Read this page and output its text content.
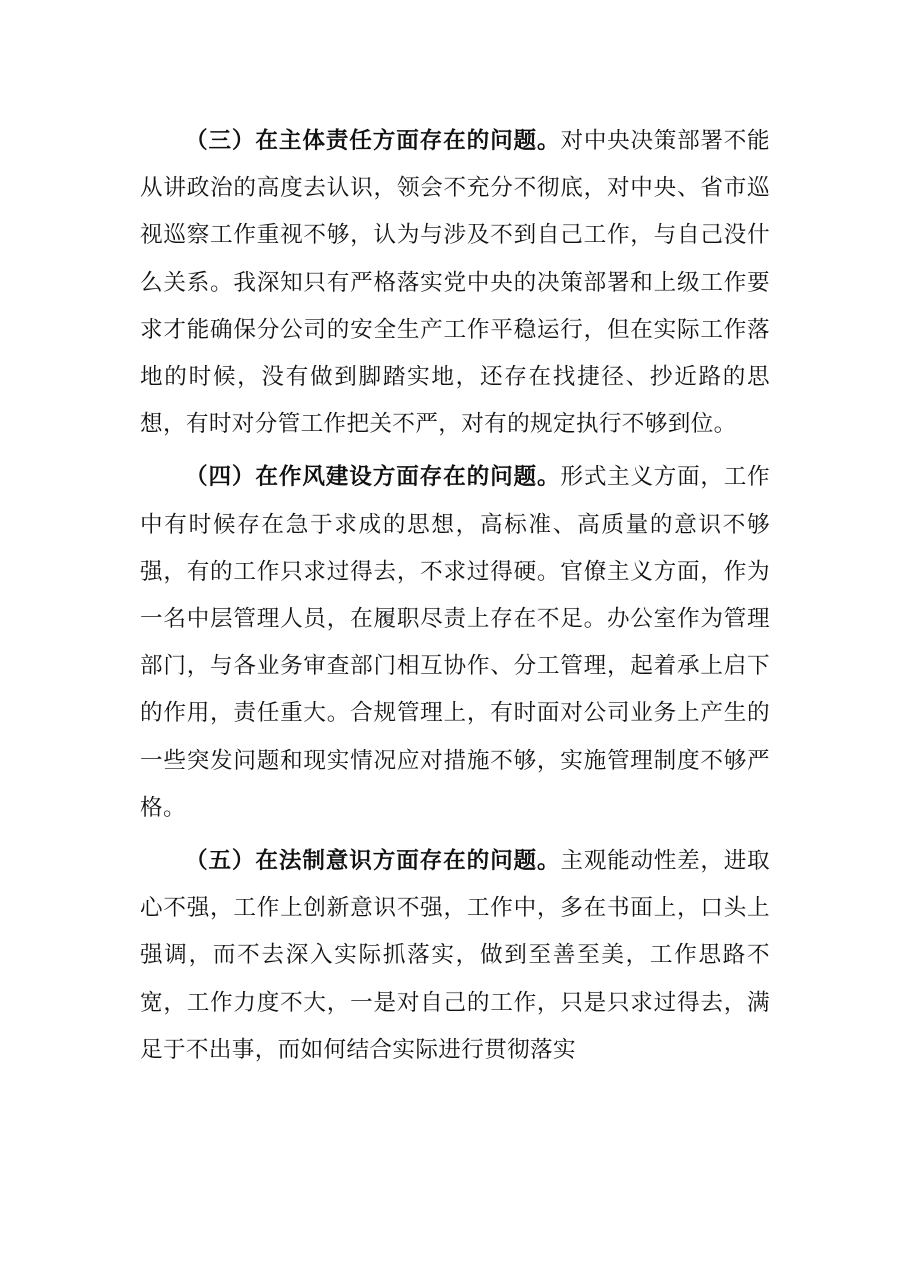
（三）在主体责任方面存在的问题。对中央决策部署不能从讲政治的高度去认识，领会不充分不彻底，对中央、省市巡视巡察工作重视不够，认为与涉及不到自己工作，与自己没什么关系。我深知只有严格落实党中央的决策部署和上级工作要求才能确保分公司的安全生产工作平稳运行，但在实际工作落地的时候，没有做到脚踏实地，还存在找捷径、抄近路的思想，有时对分管工作把关不严，对有的规定执行不够到位。

（四）在作风建设方面存在的问题。形式主义方面，工作中有时候存在急于求成的思想，高标准、高质量的意识不够强，有的工作只求过得去，不求过得硬。官僚主义方面，作为一名中层管理人员，在履职尽责上存在不足。办公室作为管理部门，与各业务审查部门相互协作、分工管理，起着承上启下的作用，责任重大。合规管理上，有时面对公司业务上产生的一些突发问题和现实情况应对措施不够，实施管理制度不够严格。

（五）在法制意识方面存在的问题。主观能动性差，进取心不强，工作上创新意识不强，工作中，多在书面上，口头上强调，而不去深入实际抓落实，做到至善至美，工作思路不宽，工作力度不大，一是对自己的工作，只是只求过得去，满足于不出事，而如何结合实际进行贯彻落实
